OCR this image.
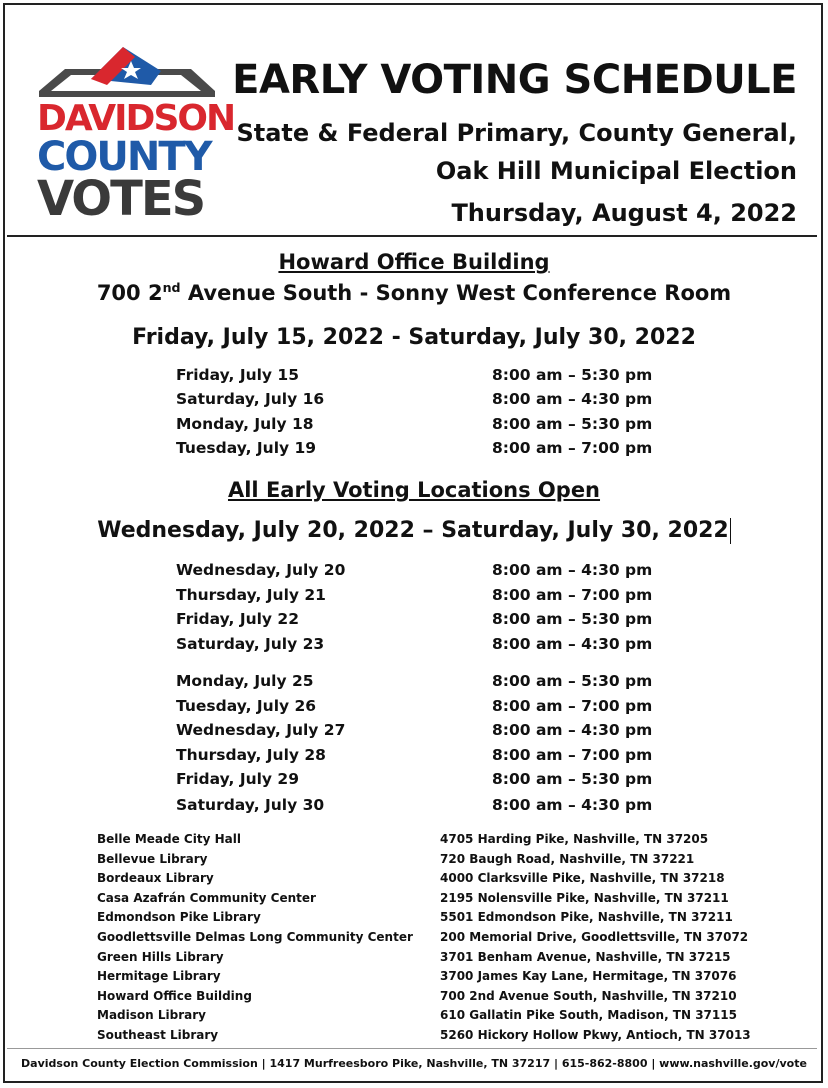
DAVIDSON
COUNTY
VOTES
EARLY VOTING SCHEDULE
State & Federal Primary, County General,
Oak Hill Municipal Election
Thursday, August 4, 2022
Howard Office Building
700 2nd Avenue South - Sonny West Conference Room
Friday, July 15, 2022 - Saturday, July 30, 2022
Friday, July 15	8:00 am – 5:30 pm
Saturday, July 16	8:00 am – 4:30 pm
Monday, July 18	8:00 am – 5:30 pm
Tuesday, July 19	8:00 am – 7:00 pm
All Early Voting Locations Open
Wednesday, July 20, 2022 – Saturday, July 30, 2022
Wednesday, July 20	8:00 am – 4:30 pm
Thursday, July 21	8:00 am – 7:00 pm
Friday, July 22	8:00 am – 5:30 pm
Saturday, July 23	8:00 am – 4:30 pm
Monday, July 25	8:00 am – 5:30 pm
Tuesday, July 26	8:00 am – 7:00 pm
Wednesday, July 27	8:00 am – 4:30 pm
Thursday, July 28	8:00 am – 7:00 pm
Friday, July 29	8:00 am – 5:30 pm
Saturday, July 30	8:00 am – 4:30 pm
Belle Meade City Hall	4705 Harding Pike, Nashville, TN 37205
Bellevue Library	720 Baugh Road, Nashville, TN 37221
Bordeaux Library	4000 Clarksville Pike, Nashville, TN 37218
Casa Azafrán Community Center	2195 Nolensville Pike, Nashville, TN 37211
Edmondson Pike Library	5501 Edmondson Pike, Nashville, TN 37211
Goodlettsville Delmas Long Community Center 200 Memorial Drive, Goodlettsville, TN 37072
Green Hills Library	3701 Benham Avenue, Nashville, TN 37215
Hermitage Library	3700 James Kay Lane, Hermitage, TN 37076
Howard Office Building	700 2nd Avenue South, Nashville, TN 37210
Madison Library	610 Gallatin Pike South, Madison, TN 37115
Southeast Library	5260 Hickory Hollow Pkwy, Antioch, TN 37013
Davidson County Election Commission | 1417 Murfreesboro Pike, Nashville, TN 37217 | 615-862-8800 | www.nashville.gov/vote
